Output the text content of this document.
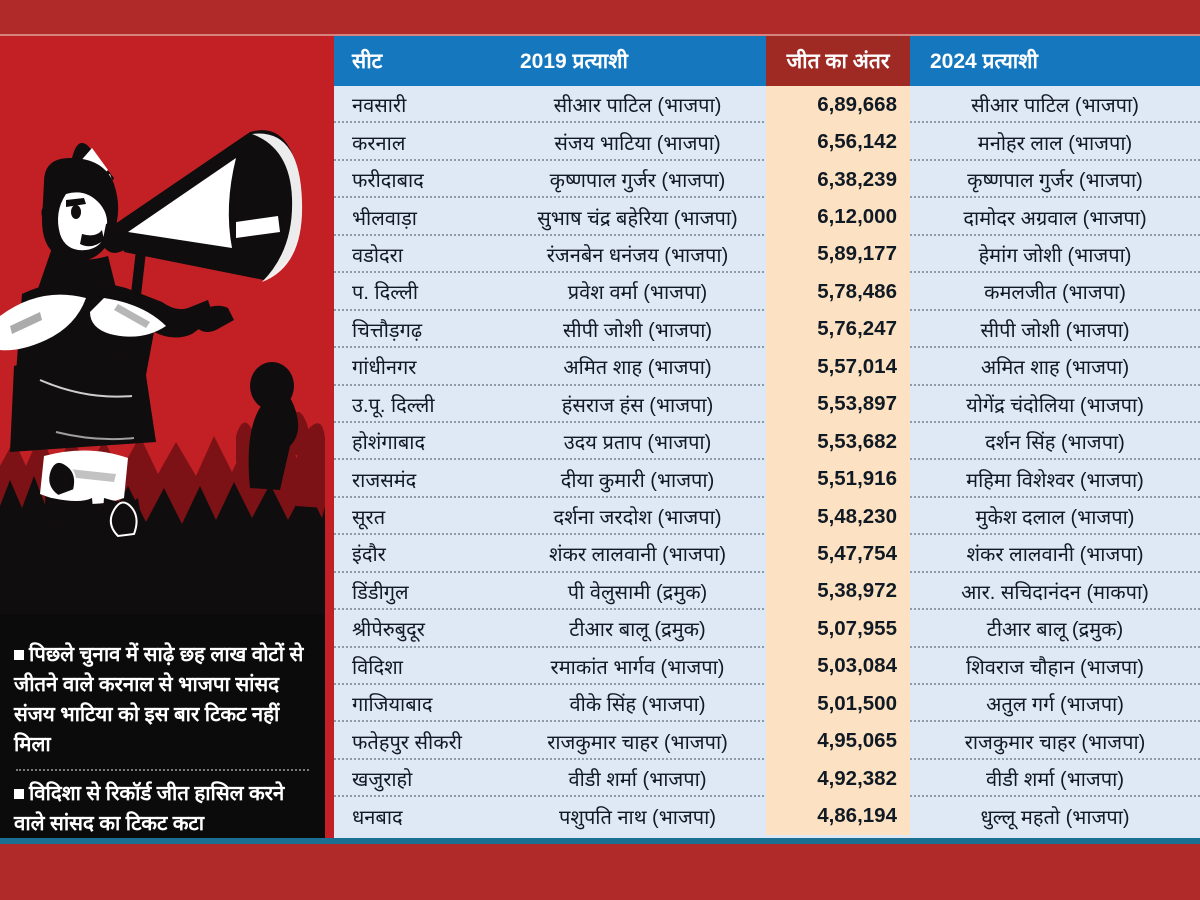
पिछले चुनाव में साढ़े छह लाख वोटों से जीतने वाले करनाल से भाजपा सांसद संजय भाटिया को इस बार टिकट नहीं मिला

विदिशा से रिकॉर्ड जीत हासिल करने वाले सांसद का टिकट कटा

सीट	2019 प्रत्याशी	जीत का अंतर	2024 प्रत्याशी
नवसारी	सीआर पाटिल (भाजपा)	6,89,668	सीआर पाटिल (भाजपा)
करनाल	संजय भाटिया (भाजपा)	6,56,142	मनोहर लाल (भाजपा)
फरीदाबाद	कृष्णपाल गुर्जर (भाजपा)	6,38,239	कृष्णपाल गुर्जर (भाजपा)
भीलवाड़ा	सुभाष चंद्र बहेरिया (भाजपा)	6,12,000	दामोदर अग्रवाल (भाजपा)
वडोदरा	रंजनबेन धनंजय (भाजपा)	5,89,177	हेमांग जोशी (भाजपा)
प. दिल्ली	प्रवेश वर्मा (भाजपा)	5,78,486	कमलजीत (भाजपा)
चित्तौड़गढ़	सीपी जोशी (भाजपा)	5,76,247	सीपी जोशी (भाजपा)
गांधीनगर	अमित शाह (भाजपा)	5,57,014	अमित शाह (भाजपा)
उ.पू. दिल्ली	हंसराज हंस (भाजपा)	5,53,897	योगेंद्र चंदोलिया (भाजपा)
होशंगाबाद	उदय प्रताप (भाजपा)	5,53,682	दर्शन सिंह (भाजपा)
राजसमंद	दीया कुमारी (भाजपा)	5,51,916	महिमा विशेश्वर (भाजपा)
सूरत	दर्शना जरदोश (भाजपा)	5,48,230	मुकेश दलाल (भाजपा)
इंदौर	शंकर लालवानी (भाजपा)	5,47,754	शंकर लालवानी (भाजपा)
डिंडीगुल	पी वेलुसामी (द्रमुक)	5,38,972	आर. सचिदानंदन (माकपा)
श्रीपेरुबुदूर	टीआर बालू (द्रमुक)	5,07,955	टीआर बालू (द्रमुक)
विदिशा	रमाकांत भार्गव (भाजपा)	5,03,084	शिवराज चौहान (भाजपा)
गाजियाबाद	वीके सिंह (भाजपा)	5,01,500	अतुल गर्ग (भाजपा)
फतेहपुर सीकरी	राजकुमार चाहर (भाजपा)	4,95,065	राजकुमार चाहर (भाजपा)
खजुराहो	वीडी शर्मा (भाजपा)	4,92,382	वीडी शर्मा (भाजपा)
धनबाद	पशुपति नाथ (भाजपा)	4,86,194	धुल्लू महतो (भाजपा)
